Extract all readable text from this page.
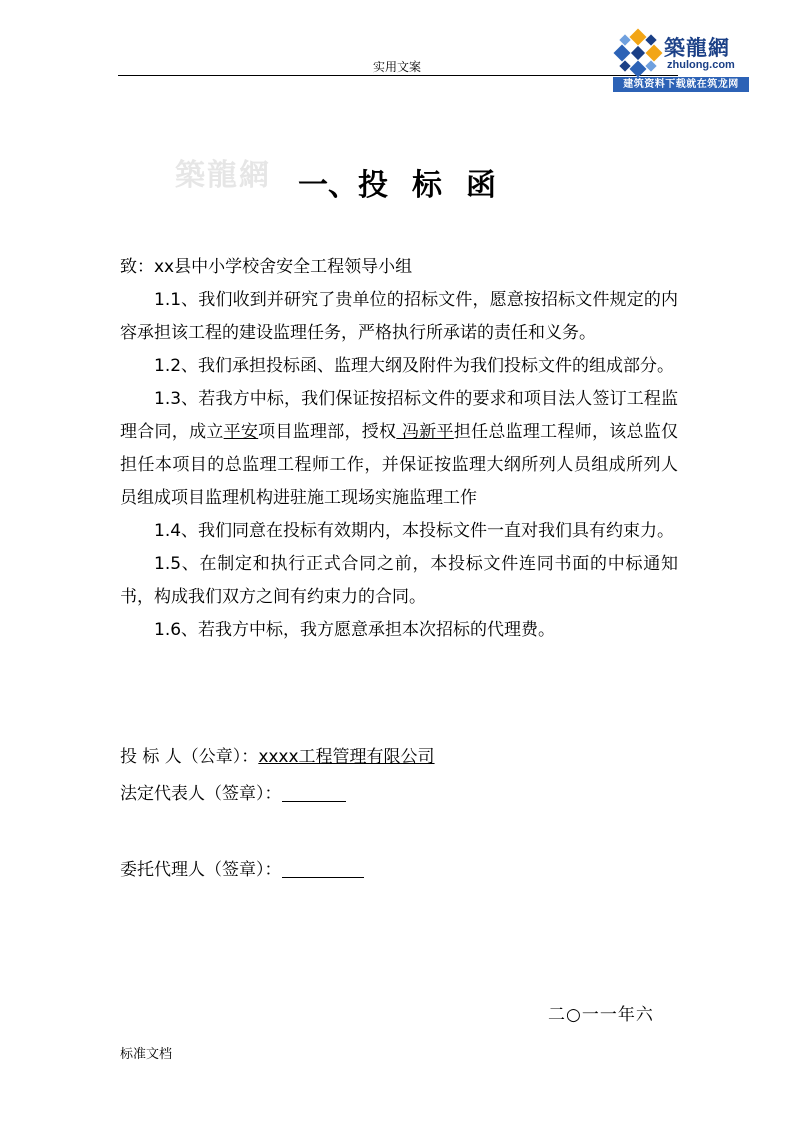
实用文案
築龍網
zhulong.com
建筑资料下载就在筑龙网
築龍網 一、投 标 函

致：xx县中小学校舍安全工程领导小组

1.1、我们收到并研究了贵单位的招标文件，愿意按招标文件规定的内容承担该工程的建设监理任务，严格执行所承诺的责任和义务。

1.2、我们承担投标函、监理大纲及附件为我们投标文件的组成部分。

1.3、若我方中标，我们保证按招标文件的要求和项目法人签订工程监理合同，成立平安项目监理部，授权 冯新平担任总监理工程师，该总监仅担任本项目的总监理工程师工作，并保证按监理大纲所列人员组成所列人员组成项目监理机构进驻施工现场实施监理工作

1.4、我们同意在投标有效期内，本投标文件一直对我们具有约束力。

1.5、在制定和执行正式合同之前，本投标文件连同书面的中标通知书，构成我们双方之间有约束力的合同。

1.6、若我方中标，我方愿意承担本次招标的代理费。

投 标 人（公章）：xxxx工程管理有限公司
法定代表人（签章）：
委托代理人（签章）：
二○一一年六
标准文档
